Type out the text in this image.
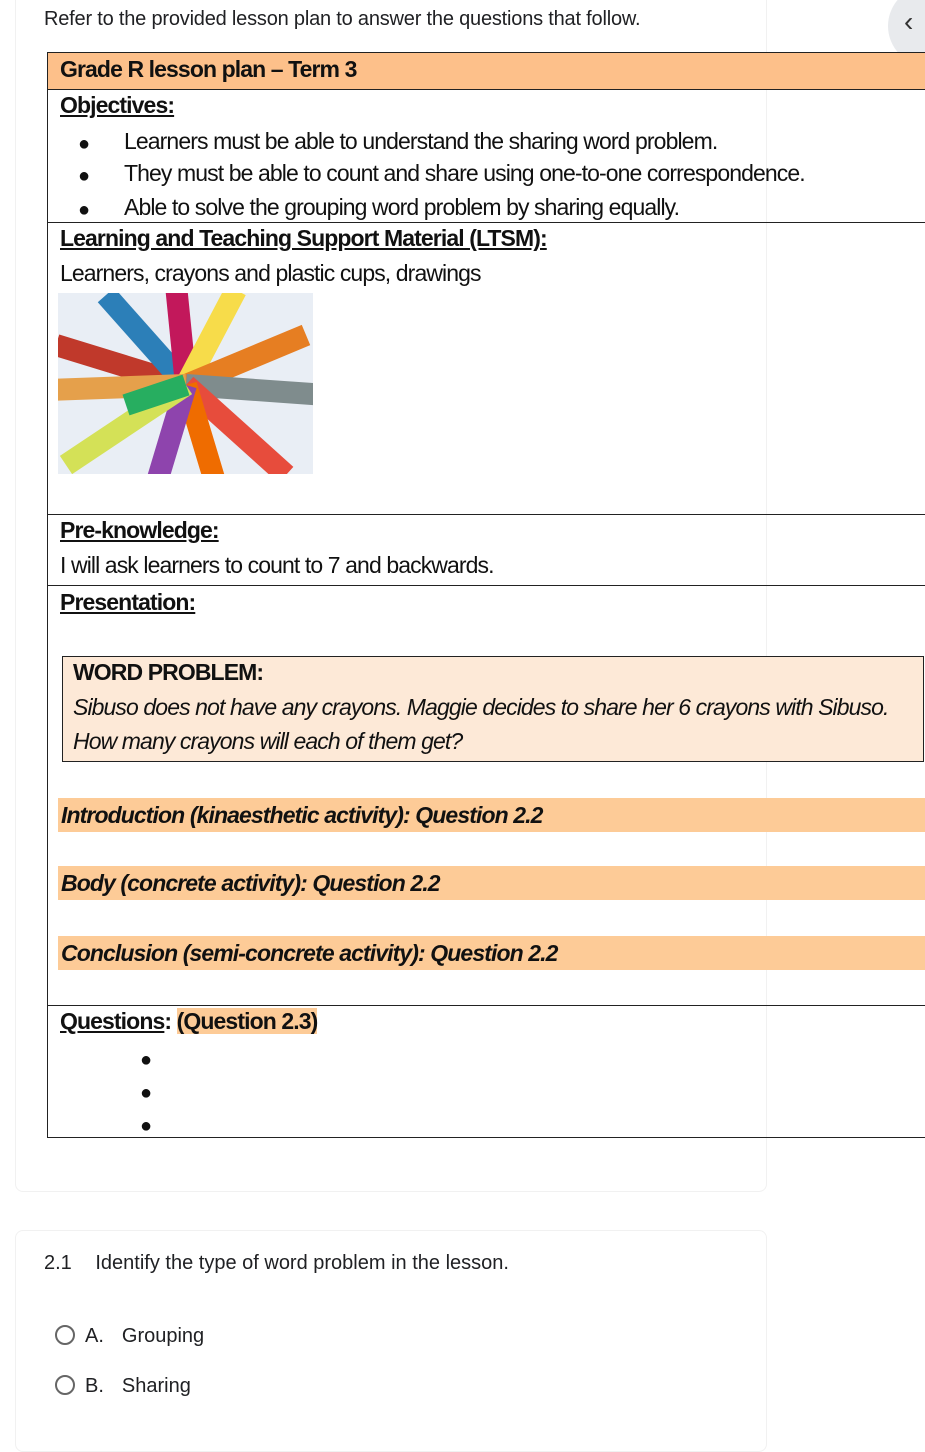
Refer to the provided lesson plan to answer the questions that follow.	‹
Grade R lesson plan – Term 3
Objectives:
● Learners must be able to understand the sharing word problem.
● They must be able to count and share using one-to-one correspondence.
● Able to solve the grouping word problem by sharing equally.
Learning and Teaching Support Material (LTSM):
Learners, crayons and plastic cups, drawings
Pre-knowledge:
I will ask learners to count to 7 and backwards.
Presentation:
WORD PROBLEM:
Sibuso does not have any crayons. Maggie decides to share her 6 crayons with Sibuso.
How many crayons will each of them get?
Introduction (kinaesthetic activity): Question 2.2
Body (concrete activity): Question 2.2
Conclusion (semi-concrete activity): Question 2.2
Questions: (Question 2.3)
●
●
●
2.1 Identify the type of word problem in the lesson.
A. Grouping
B. Sharing
